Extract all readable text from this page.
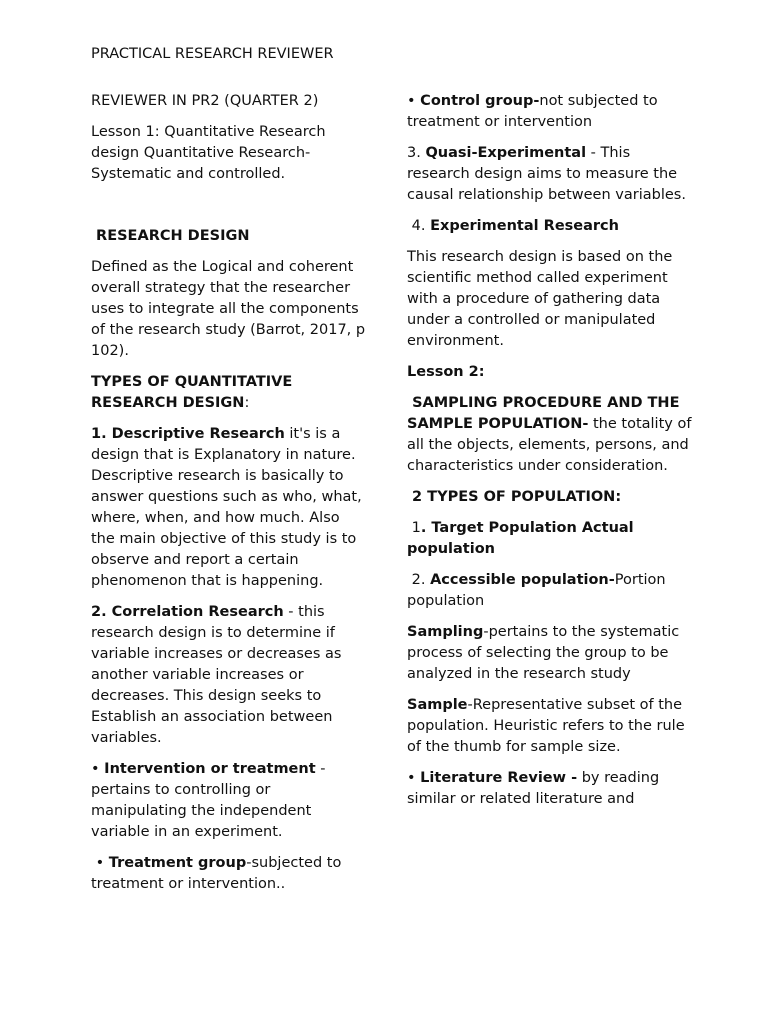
PRACTICAL RESEARCH REVIEWER

REVIEWER IN PR2 (QUARTER 2)

Lesson 1: Quantitative Research design Quantitative Research- Systematic and controlled.

RESEARCH DESIGN

Defined as the Logical and coherent overall strategy that the researcher uses to integrate all the components of the research study (Barrot, 2017, p 102).

TYPES OF QUANTITATIVE RESEARCH DESIGN:

1. Descriptive Research it's is a design that is Explanatory in nature. Descriptive research is basically to answer questions such as who, what, where, when, and how much. Also the main objective of this study is to observe and report a certain phenomenon that is happening.

2. Correlation Research - this research design is to determine if variable increases or decreases as another variable increases or decreases. This design seeks to Establish an association between variables.

• Intervention or treatment - pertains to controlling or manipulating the independent variable in an experiment.

• Treatment group-subjected to treatment or intervention..

• Control group-not subjected to treatment or intervention

3. Quasi-Experimental - This research design aims to measure the causal relationship between variables.

4. Experimental Research

This research design is based on the scientific method called experiment with a procedure of gathering data under a controlled or manipulated environment.

Lesson 2:

SAMPLING PROCEDURE AND THE SAMPLE POPULATION- the totality of all the objects, elements, persons, and characteristics under consideration.

2 TYPES OF POPULATION:

1. Target Population Actual population

2. Accessible population-Portion population

Sampling-pertains to the systematic process of selecting the group to be analyzed in the research study

Sample-Representative subset of the population. Heuristic refers to the rule of the thumb for sample size.

• Literature Review - by reading similar or related literature and
